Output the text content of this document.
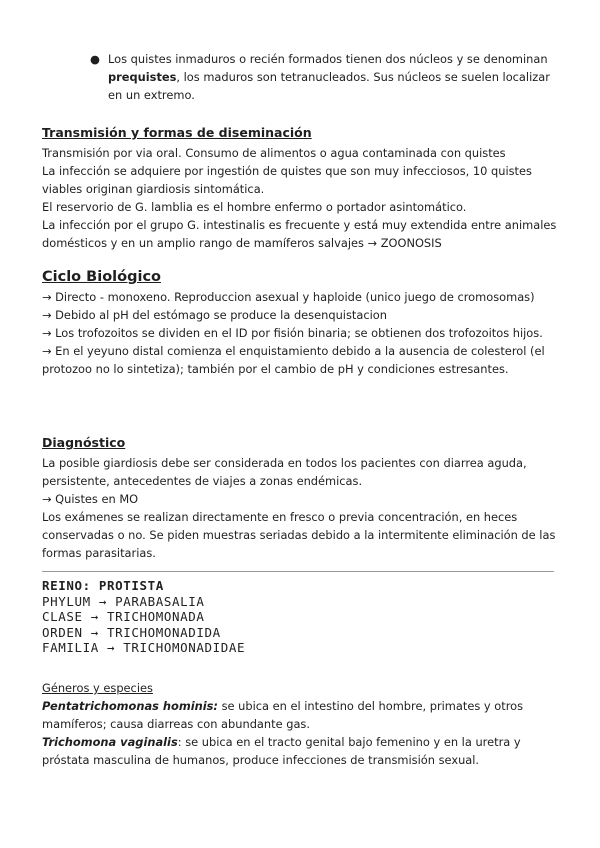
● Los quistes inmaduros o recién formados tienen dos núcleos y se denominan prequistes, los maduros son tetranucleados. Sus núcleos se suelen localizar en un extremo.
Transmisión y formas de diseminación
Transmisión por via oral. Consumo de alimentos o agua contaminada con quistes
La infección se adquiere por ingestión de quistes que son muy infecciosos, 10 quistes viables originan giardiosis sintomática.
El reservorio de G. lamblia es el hombre enfermo o portador asintomático.
La infección por el grupo G. intestinalis es frecuente y está muy extendida entre animales domésticos y en un amplio rango de mamíferos salvajes → ZOONOSIS
Ciclo Biológico
→ Directo - monoxeno. Reproduccion asexual y haploide (unico juego de cromosomas)
→ Debido al pH del estómago se produce la desenquistacion
→ Los trofozoitos se dividen en el ID por fisión binaria; se obtienen dos trofozoitos hijos.
→ En el yeyuno distal comienza el enquistamiento debido a la ausencia de colesterol (el protozoo no lo sintetiza); también por el cambio de pH y condiciones estresantes.
Diagnóstico
La posible giardiosis debe ser considerada en todos los pacientes con diarrea aguda, persistente, antecedentes de viajes a zonas endémicas.
→ Quistes en MO
Los exámenes se realizan directamente en fresco o previa concentración, en heces conservadas o no. Se piden muestras seriadas debido a la intermitente eliminación de las formas parasitarias.
REINO: PROTISTA
PHYLUM → PARABASALIA
CLASE → TRICHOMONADA
ORDEN → TRICHOMONADIDA
FAMILIA → TRICHOMONADIDAE
Géneros y especies
Pentatrichomonas hominis: se ubica en el intestino del hombre, primates y otros mamíferos; causa diarreas con abundante gas.
Trichomona vaginalis: se ubica en el tracto genital bajo femenino y en la uretra y próstata masculina de humanos, produce infecciones de transmisión sexual.
